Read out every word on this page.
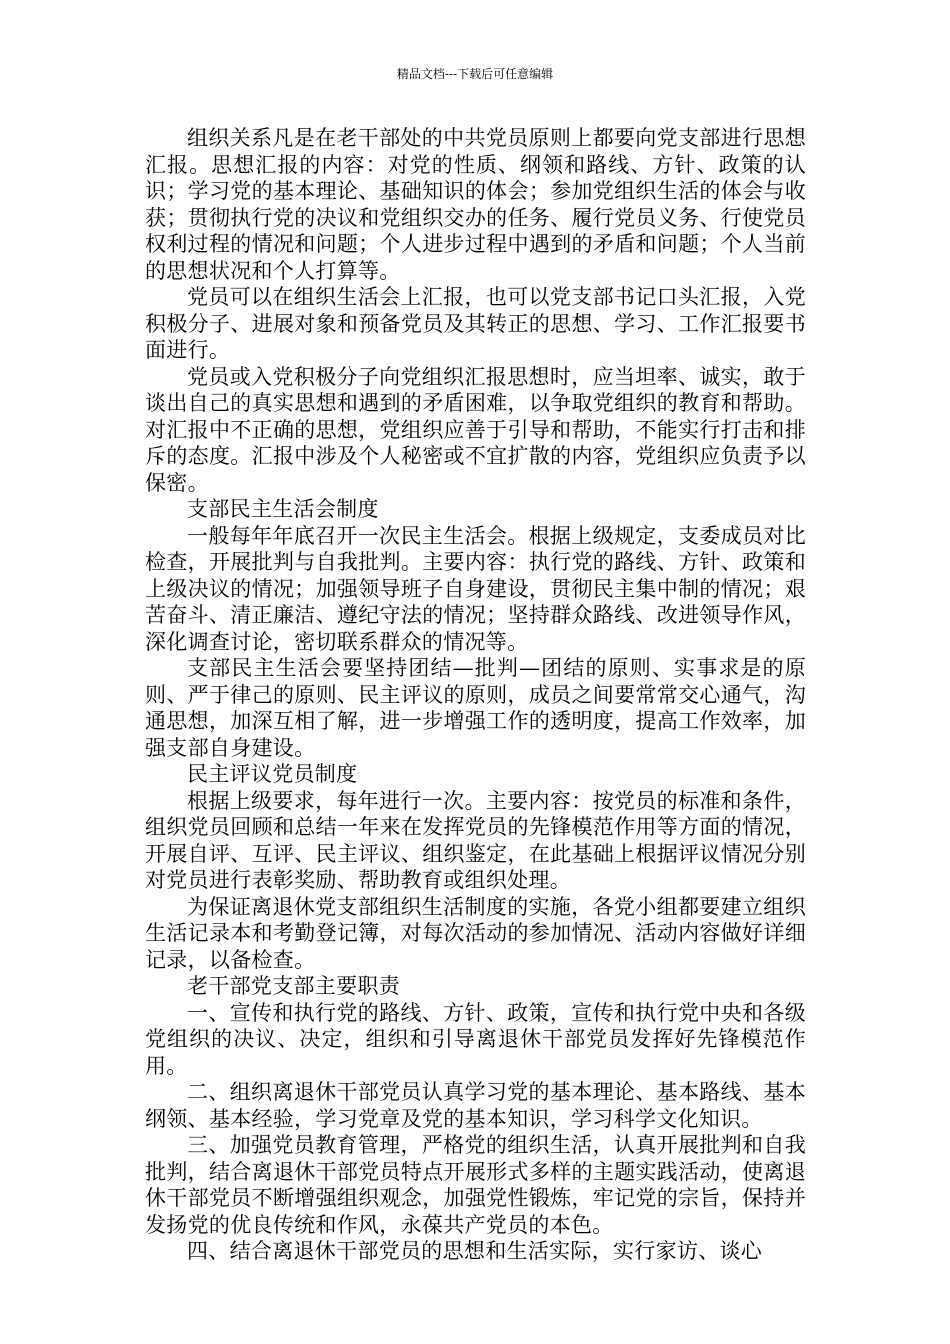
精品文档---下载后可任意编辑

组织关系凡是在老干部处的中共党员原则上都要向党支部进行思想汇报。思想汇报的内容：对党的性质、纲领和路线、方针、政策的认识；学习党的基本理论、基础知识的体会；参加党组织生活的体会与收获；贯彻执行党的决议和党组织交办的任务、履行党员义务、行使党员权利过程的情况和问题；个人进步过程中遇到的矛盾和问题；个人当前的思想状况和个人打算等。

党员可以在组织生活会上汇报，也可以党支部书记口头汇报，入党积极分子、进展对象和预备党员及其转正的思想、学习、工作汇报要书面进行。

党员或入党积极分子向党组织汇报思想时，应当坦率、诚实，敢于谈出自己的真实思想和遇到的矛盾困难，以争取党组织的教育和帮助。对汇报中不正确的思想，党组织应善于引导和帮助，不能实行打击和排斥的态度。汇报中涉及个人秘密或不宜扩散的内容，党组织应负责予以保密。

支部民主生活会制度

一般每年年底召开一次民主生活会。根据上级规定，支委成员对比检查，开展批判与自我批判。主要内容：执行党的路线、方针、政策和上级决议的情况；加强领导班子自身建设，贯彻民主集中制的情况；艰苦奋斗、清正廉洁、遵纪守法的情况；坚持群众路线、改进领导作风，深化调查讨论，密切联系群众的情况等。

支部民主生活会要坚持团结—批判—团结的原则、实事求是的原则、严于律己的原则、民主评议的原则，成员之间要常常交心通气，沟通思想，加深互相了解，进一步增强工作的透明度，提高工作效率，加强支部自身建设。

民主评议党员制度

根据上级要求，每年进行一次。主要内容：按党员的标准和条件，组织党员回顾和总结一年来在发挥党员的先锋模范作用等方面的情况，开展自评、互评、民主评议、组织鉴定，在此基础上根据评议情况分别对党员进行表彰奖励、帮助教育或组织处理。

为保证离退休党支部组织生活制度的实施，各党小组都要建立组织生活记录本和考勤登记簿，对每次活动的参加情况、活动内容做好详细记录，以备检查。

老干部党支部主要职责

一、宣传和执行党的路线、方针、政策，宣传和执行党中央和各级党组织的决议、决定，组织和引导离退休干部党员发挥好先锋模范作用。

二、组织离退休干部党员认真学习党的基本理论、基本路线、基本纲领、基本经验，学习党章及党的基本知识，学习科学文化知识。

三、加强党员教育管理，严格党的组织生活，认真开展批判和自我批判，结合离退休干部党员特点开展形式多样的主题实践活动，使离退休干部党员不断增强组织观念，加强党性锻炼，牢记党的宗旨，保持并发扬党的优良传统和作风，永葆共产党员的本色。

四、结合离退休干部党员的思想和生活实际，实行家访、谈心
